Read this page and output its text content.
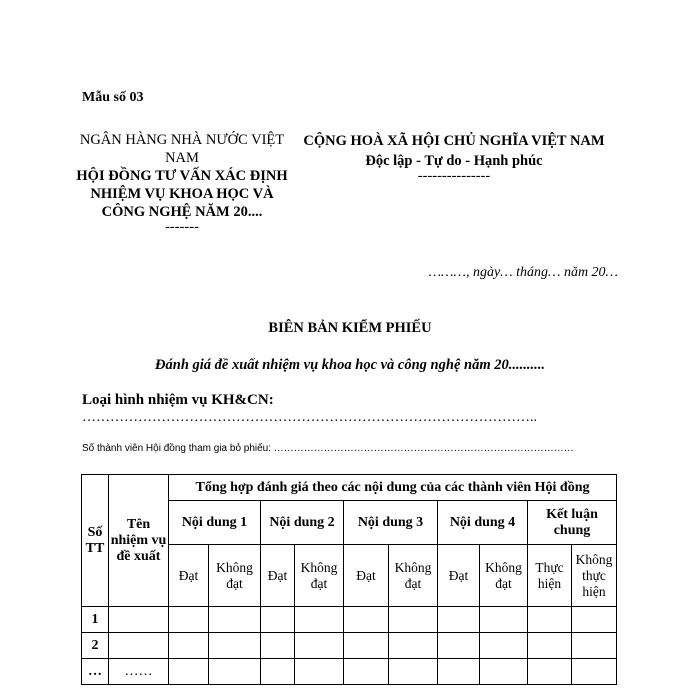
Mẫu số 03
NGÂN HÀNG NHÀ NƯỚC VIỆT NAM
HỘI ĐỒNG TƯ VẤN XÁC ĐỊNH NHIỆM VỤ KHOA HỌC VÀ CÔNG NGHỆ NĂM 20....
-------
CỘNG HOÀ XÃ HỘI CHỦ NGHĨA VIỆT NAM
Độc lập - Tự do - Hạnh phúc
---------------
………, ngày… tháng… năm 20…
BIÊN BẢN KIỂM PHIẾU
Đánh giá đề xuất nhiệm vụ khoa học và công nghệ năm 20..........
Loại hình nhiệm vụ KH&CN:
……………………………………………………………………………………..
Số thành viên Hội đồng tham gia bỏ phiếu: ………………………………………………………………………………
Số TT	Tên nhiệm vụ đề xuất	Tổng hợp đánh giá theo các nội dung của các thành viên Hội đồng									
		Nội dung 1		Nội dung 2		Nội dung 3		Nội dung 4		Kết luận chung	
		Đạt	Không đạt	Đạt	Không đạt	Đạt	Không đạt	Đạt	Không đạt	Thực hiện	Không thực hiện
1											
2											
…	……										
